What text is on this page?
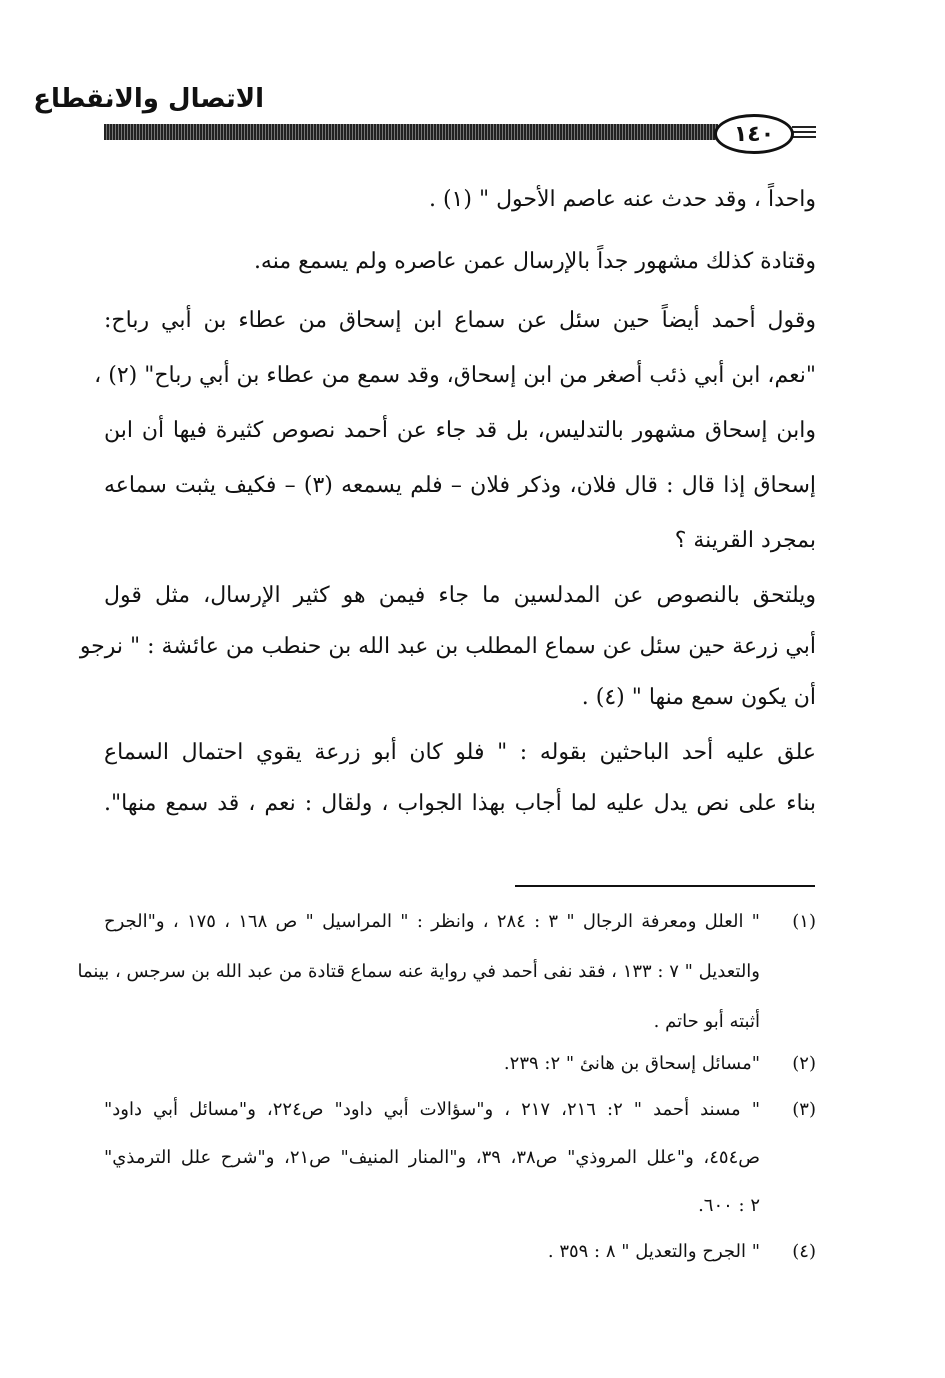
الاتصال والانقطاع
١٤٠
واحداً ، وقد حدث عنه عاصم الأحول " (١) .
وقتادة كذلك مشهور جداً بالإرسال عمن عاصره ولم يسمع منه.
وقول أحمد أيضاً حين سئل عن سماع ابن إسحاق من عطاء بن أبي رباح:
"نعم، ابن أبي ذئب أصغر من ابن إسحاق، وقد سمع من عطاء بن أبي رباح" (٢) ،
وابن إسحاق مشهور بالتدليس، بل قد جاء عن أحمد نصوص كثيرة فيها أن ابن
إسحاق إذا قال : قال فلان، وذكر فلان – فلم يسمعه (٣) – فكيف يثبت سماعه
بمجرد القرينة ؟
ويلتحق بالنصوص عن المدلسين ما جاء فيمن هو كثير الإرسال، مثل قول
أبي زرعة حين سئل عن سماع المطلب بن عبد الله بن حنطب من عائشة : " نرجو
أن يكون سمع منها " (٤) .
علق عليه أحد الباحثين بقوله : " فلو كان أبو زرعة يقوي احتمال السماع
بناء على نص يدل عليه لما أجاب بهذا الجواب ، ولقال : نعم ، قد سمع منها".
(١)
" العلل ومعرفة الرجال " ٣ : ٢٨٤ ، وانظر : " المراسيل " ص ١٦٨ ، ١٧٥ ، و"الجرح
والتعديل " ٧ : ١٣٣ ، فقد نفى أحمد في رواية عنه سماع قتادة من عبد الله بن سرجس ، بينما
أثبته أبو حاتم .
(٢)
"مسائل إسحاق بن هانئ " ٢: ٢٣٩.
(٣)
" مسند أحمد " ٢: ٢١٦، ٢١٧ ، و"سؤالات أبي داود" ص٢٢٤، و"مسائل أبي داود"
ص٤٥٤، و"علل المروذي" ص٣٨، ٣٩، و"المنار المنيف" ص٢١، و"شرح علل الترمذي"
٢ : ٦٠٠.
(٤)
" الجرح والتعديل " ٨ : ٣٥٩ .
